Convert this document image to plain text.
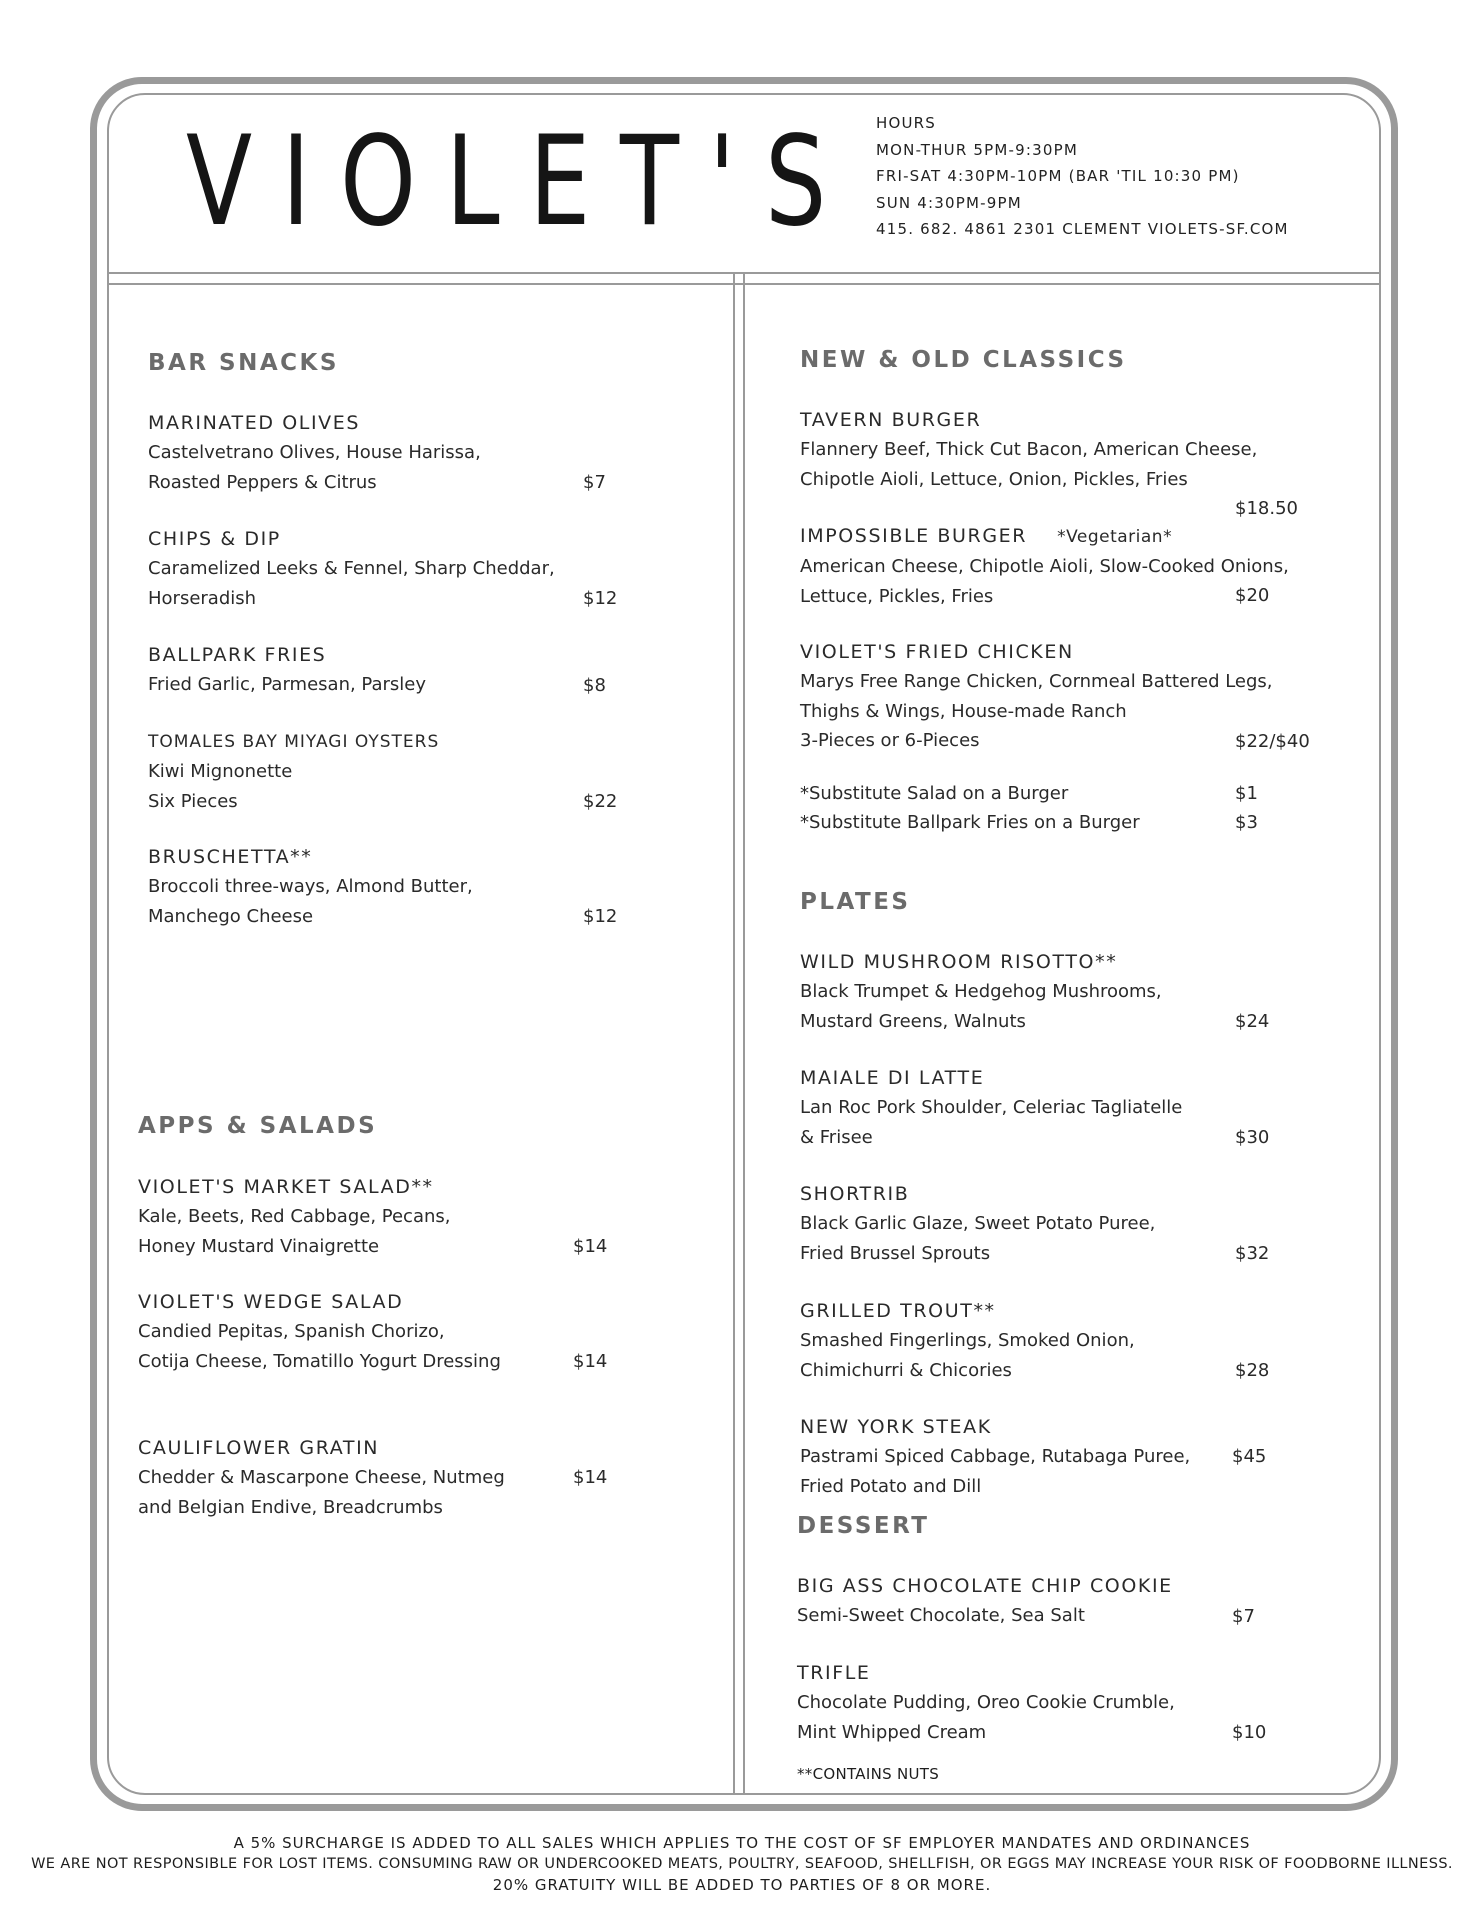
VIOLET'S HOURS
MON-THUR 5PM-9:30PM
FRI-SAT 4:30PM-10PM (BAR 'TIL 10:30 PM)
SUN 4:30PM-9PM
415. 682. 4861 2301 CLEMENT VIOLETS-SF.COM
BAR SNACKS
MARINATED OLIVES
Castelvetrano Olives, House Harissa,
Roasted Peppers & Citrus	$7
CHIPS & DIP
Caramelized Leeks & Fennel, Sharp Cheddar,
Horseradish	$12
BALLPARK FRIES
Fried Garlic, Parmesan, Parsley	$8
TOMALES BAY MIYAGI OYSTERS
Kiwi Mignonette
Six Pieces	$22
BRUSCHETTA**
Broccoli three-ways, Almond Butter,
Manchego Cheese	$12
APPS & SALADS
VIOLET'S MARKET SALAD**
Kale, Beets, Red Cabbage, Pecans,
Honey Mustard Vinaigrette	$14
VIOLET'S WEDGE SALAD
Candied Pepitas, Spanish Chorizo,
Cotija Cheese, Tomatillo Yogurt Dressing	$14
CAULIFLOWER GRATIN
Chedder & Mascarpone Cheese, Nutmeg
and Belgian Endive, Breadcrumbs
$14
NEW & OLD CLASSICS
TAVERN BURGER
Flannery Beef, Thick Cut Bacon, American Cheese,
Chipotle Aioli, Lettuce, Onion, Pickles, Fries
$18.50
IMPOSSIBLE BURGER *Vegetarian*
American Cheese, Chipotle Aioli, Slow-Cooked Onions,
Lettuce, Pickles, Fries	$20
VIOLET'S FRIED CHICKEN
Marys Free Range Chicken, Cornmeal Battered Legs,
Thighs & Wings, House-made Ranch
3-Pieces or 6-Pieces	$22/$40
*Substitute Salad on a Burger	$1
*Substitute Ballpark Fries on a Burger	$3
PLATES
WILD MUSHROOM RISOTTO**
Black Trumpet & Hedgehog Mushrooms,
Mustard Greens, Walnuts	$24
MAIALE DI LATTE
Lan Roc Pork Shoulder, Celeriac Tagliatelle
& Frisee	$30
SHORTRIB
Black Garlic Glaze, Sweet Potato Puree,
Fried Brussel Sprouts	$32
GRILLED TROUT**
Smashed Fingerlings, Smoked Onion,
Chimichurri & Chicories	$28
NEW YORK STEAK
Pastrami Spiced Cabbage, Rutabaga Puree,
Fried Potato and Dill
$45
DESSERT
BIG ASS CHOCOLATE CHIP COOKIE
Semi-Sweet Chocolate, Sea Salt	$7
TRIFLE
Chocolate Pudding, Oreo Cookie Crumble,
Mint Whipped Cream	$10
**CONTAINS NUTS
A 5% SURCHARGE IS ADDED TO ALL SALES WHICH APPLIES TO THE COST OF SF EMPLOYER MANDATES AND ORDINANCES
WE ARE NOT RESPONSIBLE FOR LOST ITEMS. CONSUMING RAW OR UNDERCOOKED MEATS, POULTRY, SEAFOOD, SHELLFISH, OR EGGS MAY INCREASE YOUR RISK OF FOODBORNE ILLNESS.
20% GRATUITY WILL BE ADDED TO PARTIES OF 8 OR MORE.
